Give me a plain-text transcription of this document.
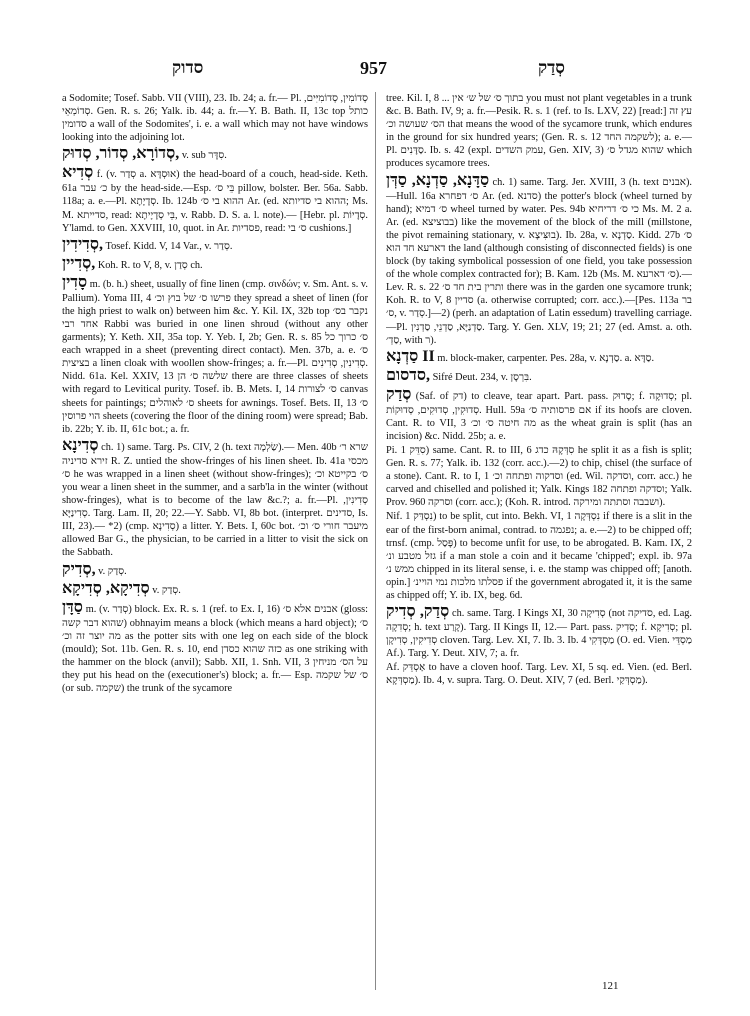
סדוק	957	סְדַק

a Sodomite; Tosef. Sabb. VII (VIII), 23. Ib. 24; a. fr.— Pl. סְדוֹמִין, סְדוֹמִיִּים, סְדוֹמְאֵי. Gen. R. s. 26; Yalk. ib. 44; a. fr.—Y. B. Bath. II, 13c top כותל סדומין a wall of the Sodomites', i. e. a wall which may not have windows looking into the adjoining lot.

סְדוֹרָא, סְדוֹר, סְדוּק, v. sub סִדָּר.

סְדִיא f. (v. סְדַר a. אוּסְדָּא) the head-board of a couch, head-side. Keth. 61a כ׳ עבר by the head-side.—Esp. בֵּי ס׳ pillow, bolster. Ber. 56a. Sabb. 118a; a. e.—Pl. סְדָיָתָא. Ib. 124b ההוא בי ס׳ Ar. (ed. ההוא בי סדיותא; Ms. M. סדייתא, read: בֵּי סְדָיָיתָא, v. Rabb. D. S. a. l. note).— [Hebr. pl. סְדָיוֹת. Y'lamd. to Gen. XXVIII, 10, quot. in Ar. פסדיות, read: ס׳ בי cushions.]

סְדִידִין, Tosef. Kidd. V, 14 Var., v. סְדַר.

סְדִיין, Koh. R. to V, 8, v. סְדַן ch.

סָדִין m. (b. h.) sheet, usually of fine linen (cmp. σινδών; v. Sm. Ant. s. v. Pallium). Yoma III, 4 פרשו ס׳ של בוץ וכ׳ they spread a sheet of linen (for the high priest to walk on) between him &c. Y. Kil. IX, 32b top נקבר בס׳ אחד רבי Rabbi was buried in one linen shroud (without any other garments); Y. Keth. XII, 35a top. Y. Yeb. I, 2b; Gen. R. s. 85 ס׳ כרוך כל each wrapped in a sheet (preventing direct contact). Men. 37b, a. e. ס׳ בציצית a linen cloak with woollen show-fringes; a. fr.—Pl. סְדִינִין, סְדִינִים. Nidd. 61a. Kel. XXIV, 13 שלשה ס׳ הן there are three classes of sheets with regard to Levitical purity. Tosef. ib. B. Mets. I, 14 ס׳ לצורות canvas sheets for paintings; ס׳ לאוהלים sheets for awnings. Tosef. Bets. II, 13 ס׳ הוי פרוסין sheets (covering the floor of the dining room) were spread; Bab. ib. 22b; Y. ib. II, 61c bot.; a. fr.

סְדִינָא ch. 1) same. Targ. Ps. CIV, 2 (h. text שַׂלְמָה).— Men. 40b שרא ר׳ זירא סדיניה R. Z. untied the show-fringes of his linen sheet. Ib. 41a מכסי ס׳ he was wrapped in a linen sheet (without show-fringes); ס׳ בקייטא וכ׳ you wear a linen sheet in the summer, and a sarb'la in the winter (without show-fringes), what is to become of the law &c.?; a. fr.—Pl. סְדִינִין, סְדִינַיָּא. Targ. Lam. II, 20; 22.—Y. Sabb. VI, 8b bot. (interpret. סדינים, Is. III, 23).— *2) (cmp. סְדִינָא) a litter. Y. Bets. I, 60c bot. מיעבר חורי ס׳ וכ׳ allowed Bar G., the physician, to be carried in a litter to visit the sick on the Sabbath.

סְדִיק, v. סְדַק.

סְדִיקָא, סְדִיקָא v. סְדַק.

סַדָּן m. (v. סְדַר) block. Ex. R. s. 1 (ref. to Ex. I, 16) אבנים אלא ס׳ (gloss: שהוא דבר קשה) obhnayim means a block (which means a hard object); ס׳ מה יוצר זה וכ׳ as the potter sits with one leg on each side of the block (mould); Sot. 11b. Gen. R. s. 10, end כזה שהוא כסדן as one striking with the hammer on the block (anvil); Sabb. XII, 1. Snh. VII, 3 על הס׳ מניחין they put his head on the (executioner's) block; a. fr.— Esp. ס׳ של שקמה (or sub. שקמה) the trunk of the sycamore

tree. Kil. I, 8 ... בתוך ס׳ של ש׳ אין you must not plant vegetables in a trunk &c. B. Bath. IV, 9; a. fr.—Pesik. R. s. 1 (ref. to Is. LXV, 22) [read:] עץ זה הס׳ שעושה וכ׳ that means the wood of the sycamore trunk, which endures in the ground for six hundred years; (Gen. R. s. 12 לשקמה החד); a. e.—Pl. סַדָּנִים. Ib. s. 42 (expl. עמק השדים, Gen. XIV, 3) שהוא מגדל ס׳ which produces sycamore trees.

סַדָּנָא, סַדְנָא, סַדְּן ch. 1) same. Targ. Jer. XVIII, 3 (h. text אבנים).—Hull. 16a ס׳ דפחרא Ar. (ed. סדנא) the potter's block (wheel turned by hand); ס׳ דמיא wheel turned by water. Pes. 94b כי ס׳ דריחיא Ms. M. 2 a. Ar. (ed. בבוציצא) like the movement of the block of the mill (millstone, the pivot remaining stationary, v. בוּצִּיצָא). Ib. 28a, v. סַדְנָא. Kidd. 27b ס׳ דארעא חד הוא the land (although consisting of disconnected fields) is one block (by taking symbolical possession of one field, you take possession of the whole complex contracted for); B. Kam. 12b (Ms. M. ס׳ דארעא).—Lev. R. s. 22 ותרין בית חד ס׳ there was in the garden one sycamore trunk; Koh. R. to V, 8 סדיין (a. otherwise corrupted; corr. acc.).—[Pes. 113a בר ס׳, v. סְדַר.]—2) (perh. an adaptation of Latin essedum) travelling carriage.—Pl. סַדְנַיָּא, סַדְנֵי, סַדְנִין. Targ. Y. Gen. XLV, 19; 21; 27 (ed. Amst. a. oth. סַדְ׳, with ר).

סַדְנָא II m. block-maker, carpenter. Pes. 28a, v. סַדְנָא. a. סַדָּא.

סדסום, Sifré Deut. 234, v. בִּרְסָן.

סְדַק (Saf. of דק) to cleave, tear apart. Part. pass. סָדוּק; f. סְדוּקָה; pl. סְדוּקִין, סְדוּקִים, סְדוּקוֹת. Hull. 59a אם פרסותיה ס׳ if its hoofs are cloven. Cant. R. to VII, 3 מה חיטה ס׳ וכ׳ as the wheat grain is split (has an incision) &c. Nidd. 25b; a. e.

Pi. סִדֵּק 1) same. Cant. R. to III, 6 סִדְּקָהּ כדג he split it as a fish is split; Gen. R. s. 77; Yalk. ib. 132 (corr. acc.).—2) to chip, chisel (the surface of a stone). Cant. R. to I, 1 וסדקוה ופתחה וכ׳ (ed. Wil. וסדקה, corr. acc.) he carved and chiselled and polished it; Yalk. Kings 182 וסדקה ופתחה; Yalk. Prov. 960 וסרקה (corr. acc.); (Koh. R. introd. ושבבה וסתתה ומירקה).

Nif. נִסְדַּק 1) to be split, cut into. Bekh. VI, 1 נִסְדְּקָה if there is a slit in the ear of the first-born animal, contrad. to נפגמה; a. e.—2) to be chipped off; trnsf. (cmp. פָּסַל) to become unfit for use, to be abrogated. B. Kam. IX, 2 גזל מטבע ונ׳ if a man stole a coin and it became 'chipped'; expl. ib. 97a ממש נ׳ chipped in its literal sense, i. e. the stamp was chipped off; [anoth. opin.] פסלתו מלכות נמי הויינ׳ if the government abrogated it, it is the same as chipped off; Y. ib. IX, beg. 6d.

סְדַק, סְדִיק ch. same. Targ. I Kings XI, 30 סְדִיקָה (not סדיקה, ed. Lag. סְדִקָה; h. text קָרַע). Targ. II Kings II, 12.— Part. pass. סְדִיק; f. סְדִיקָא; pl. סְדִיקִין, סְדִיקָן cloven. Targ. Lev. XI, 7. Ib. 3. Ib. 4 מַסְדְּקִי (O. ed. Vien. מַסְדֵּי Af.). Targ. Y. Deut. XIV, 7; a. fr.

Af. אַסְדֵּק to have a cloven hoof. Targ. Lev. XI, 5 sq. ed. Vien. (ed. Berl. מַסְדְּקָא). Ib. 4, v. supra. Targ. O. Deut. XIV, 7 (ed. Berl. מַסְדְּקַי).

121
